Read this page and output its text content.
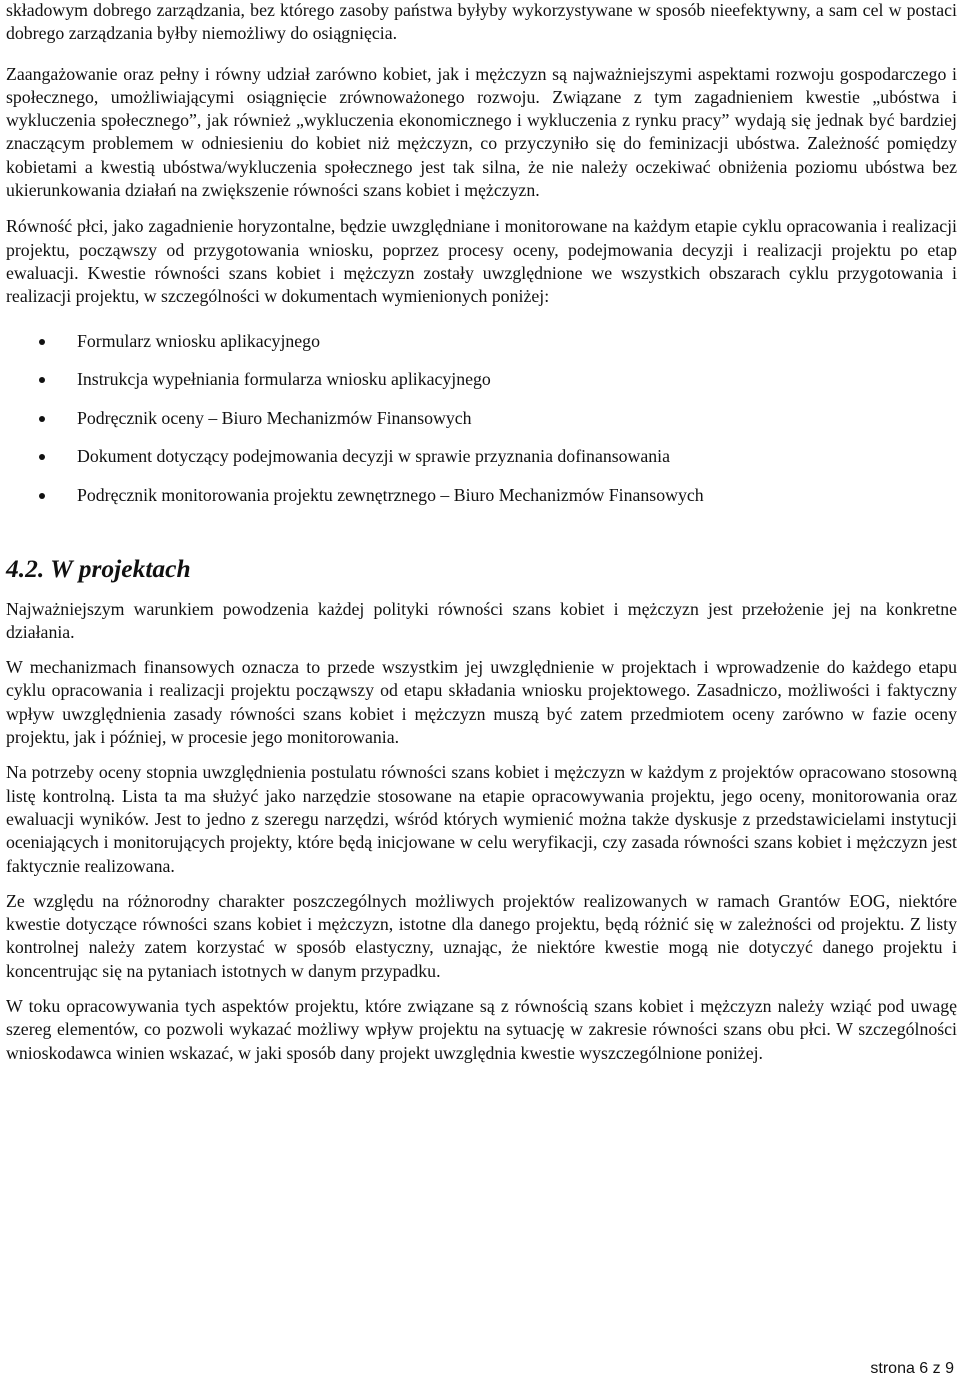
składowym dobrego zarządzania, bez którego zasoby państwa byłyby wykorzystywane w sposób nieefektywny, a sam cel w postaci dobrego zarządzania byłby niemożliwy do osiągnięcia.

Zaangażowanie oraz pełny i równy udział zarówno kobiet, jak i mężczyzn są najważniejszymi aspektami rozwoju gospodarczego i społecznego, umożliwiającymi osiągnięcie zrównoważonego rozwoju. Związane z tym zagadnieniem kwestie „ubóstwa i wykluczenia społecznego”, jak również „wykluczenia ekonomicznego i wykluczenia z rynku pracy” wydają się jednak być bardziej znaczącym problemem w odniesieniu do kobiet niż mężczyzn, co przyczyniło się do feminizacji ubóstwa. Zależność pomiędzy kobietami a kwestią ubóstwa/wykluczenia społecznego jest tak silna, że nie należy oczekiwać obniżenia poziomu ubóstwa bez ukierunkowania działań na zwiększenie równości szans kobiet i mężczyzn.

Równość płci, jako zagadnienie horyzontalne, będzie uwzględniane i monitorowane na każdym etapie cyklu opracowania i realizacji projektu, począwszy od przygotowania wniosku, poprzez procesy oceny, podejmowania decyzji i realizacji projektu po etap ewaluacji. Kwestie równości szans kobiet i mężczyzn zostały uwzględnione we wszystkich obszarach cyklu przygotowania i realizacji projektu, w szczególności w dokumentach wymienionych poniżej:

Formularz wniosku aplikacyjnego
Instrukcja wypełniania formularza wniosku aplikacyjnego
Podręcznik oceny – Biuro Mechanizmów Finansowych
Dokument dotyczący podejmowania decyzji w sprawie przyznania dofinansowania
Podręcznik monitorowania projektu zewnętrznego – Biuro Mechanizmów Finansowych
4.2. W projektach

Najważniejszym warunkiem powodzenia każdej polityki równości szans kobiet i mężczyzn jest przełożenie jej na konkretne działania.

W mechanizmach finansowych oznacza to przede wszystkim jej uwzględnienie w projektach i wprowadzenie do każdego etapu cyklu opracowania i realizacji projektu począwszy od etapu składania wniosku projektowego. Zasadniczo, możliwości i faktyczny wpływ uwzględnienia zasady równości szans kobiet i mężczyzn muszą być zatem przedmiotem oceny zarówno w fazie oceny projektu, jak i później, w procesie jego monitorowania.

Na potrzeby oceny stopnia uwzględnienia postulatu równości szans kobiet i mężczyzn w każdym z projektów opracowano stosowną listę kontrolną. Lista ta ma służyć jako narzędzie stosowane na etapie opracowywania projektu, jego oceny, monitorowania oraz ewaluacji wyników. Jest to jedno z szeregu narzędzi, wśród których wymienić można także dyskusje z przedstawicielami instytucji oceniających i monitorujących projekty, które będą inicjowane w celu weryfikacji, czy zasada równości szans kobiet i mężczyzn jest faktycznie realizowana.

Ze względu na różnorodny charakter poszczególnych możliwych projektów realizowanych w ramach Grantów EOG, niektóre kwestie dotyczące równości szans kobiet i mężczyzn, istotne dla danego projektu, będą różnić się w zależności od projektu. Z listy kontrolnej należy zatem korzystać w sposób elastyczny, uznając, że niektóre kwestie mogą nie dotyczyć danego projektu i koncentrując się na pytaniach istotnych w danym przypadku.

W toku opracowywania tych aspektów projektu, które związane są z równością szans kobiet i mężczyzn należy wziąć pod uwagę szereg elementów, co pozwoli wykazać możliwy wpływ projektu na sytuację w zakresie równości szans obu płci. W szczególności wnioskodawca winien wskazać, w jaki sposób dany projekt uwzględnia kwestie wyszczególnione poniżej.

strona 6 z 9
